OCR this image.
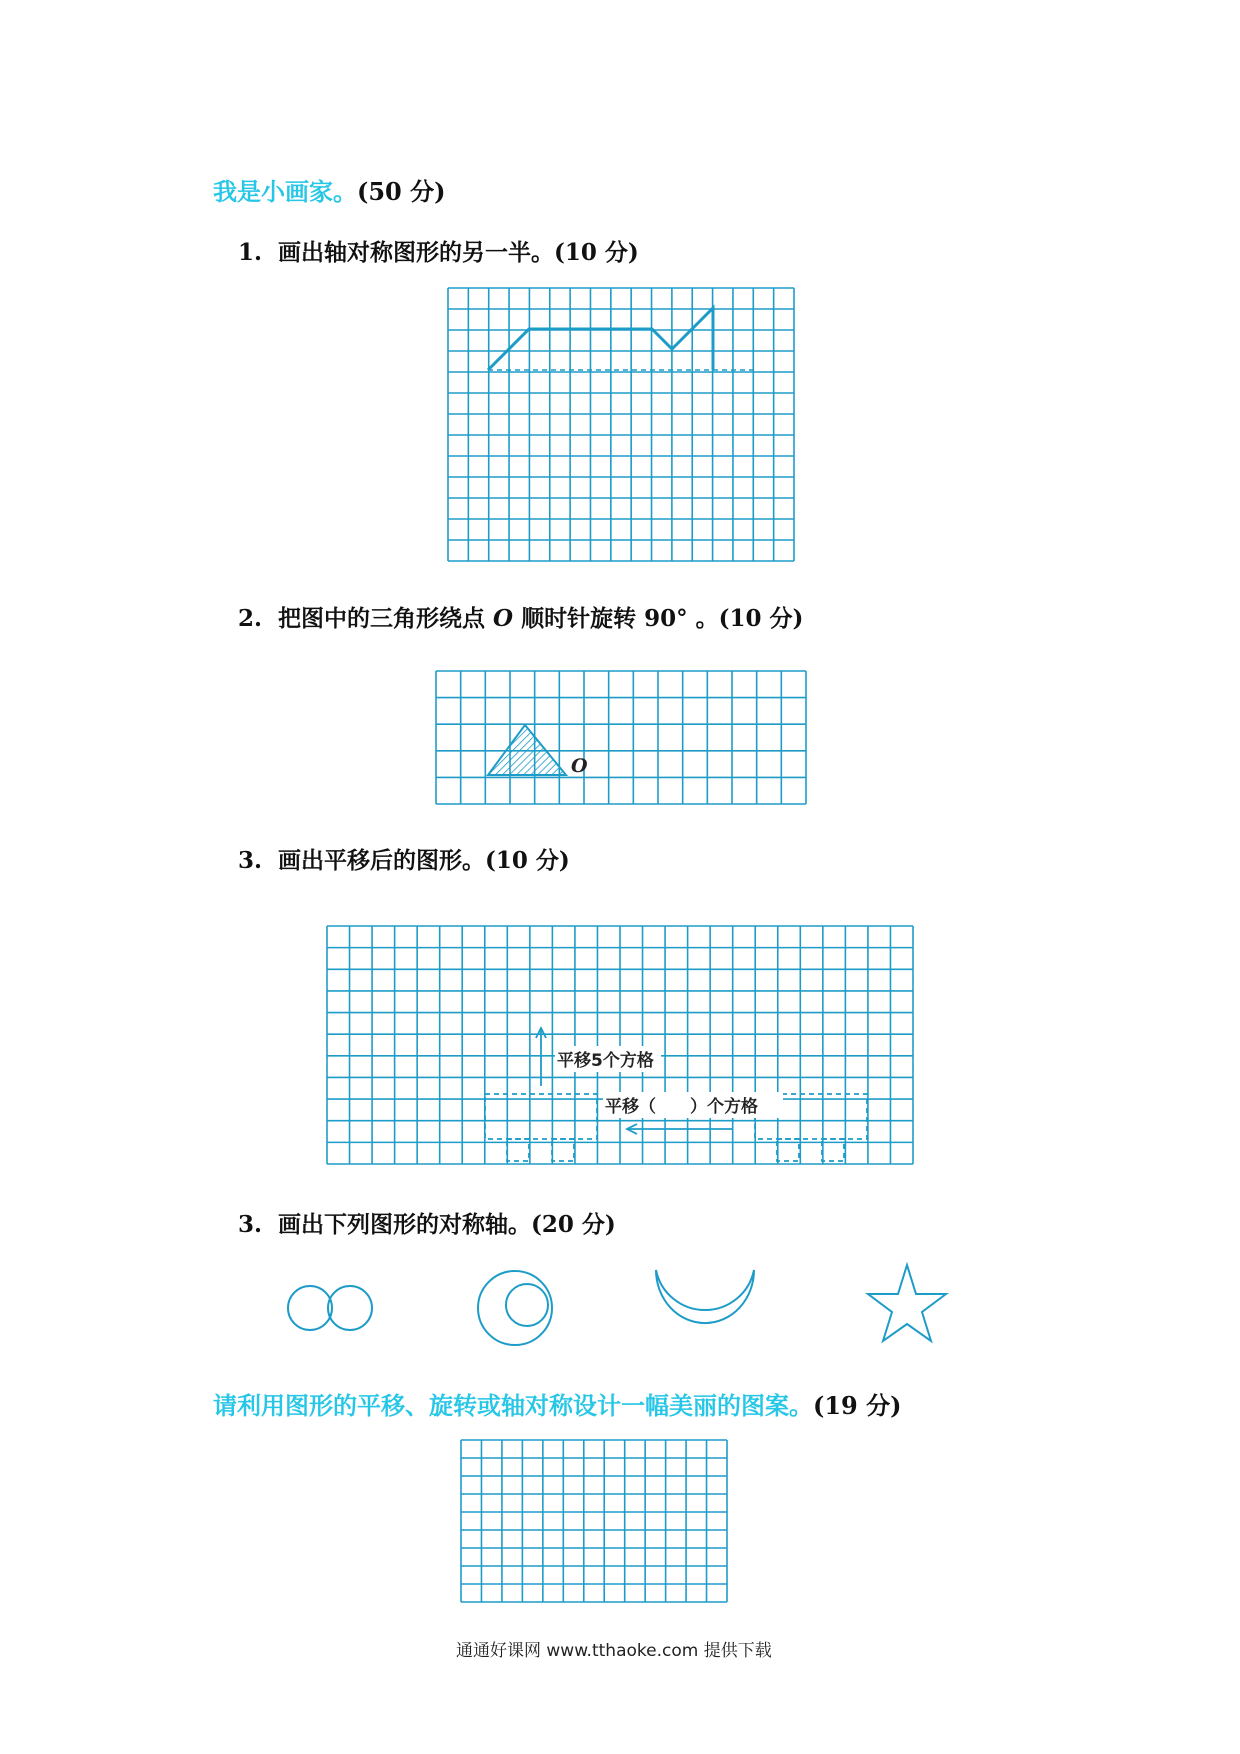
我是小画家。(50 分)
1. 画出轴对称图形的另一半。(10 分)
2. 把图中的三角形绕点 O 顺时针旋转 90° 。(10 分)
O
3. 画出平移后的图形。(10 分)
平移5个方格
平移（　　）个方格
3. 画出下列图形的对称轴。(20 分)
请利用图形的平移、旋转或轴对称设计一幅美丽的图案。(19 分)
通通好课网 www.tthaoke.com 提供下载
